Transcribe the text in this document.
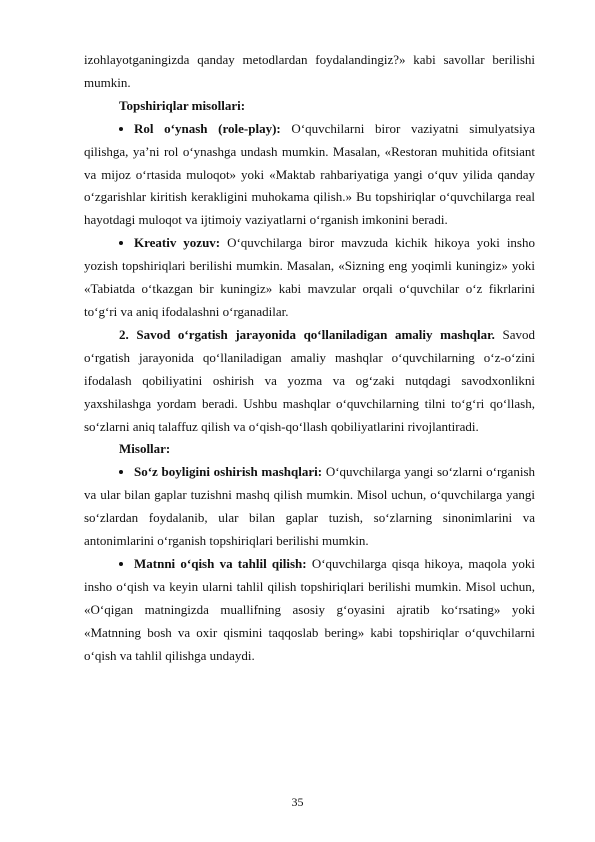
izohlayotganingizda qanday metodlardan foydalandingiz?» kabi savollar berilishi mumkin.

Topshiriqlar misollari:

Rol o‘ynash (role-play): O‘quvchilarni biror vaziyatni simulyatsiya qilishga, ya’ni rol o‘ynashga undash mumkin. Masalan, «Restoran muhitida ofitsiant va mijoz o‘rtasida muloqot» yoki «Maktab rahbariyatiga yangi o‘quv yilida qanday o‘zgarishlar kiritish kerakligini muhokama qilish.» Bu topshiriqlar o‘quvchilarga real hayotdagi muloqot va ijtimoiy vaziyatlarni o‘rganish imkonini beradi.

Kreativ yozuv: O‘quvchilarga biror mavzuda kichik hikoya yoki insho yozish topshiriqlari berilishi mumkin. Masalan, «Sizning eng yoqimli kuningiz» yoki «Tabiatda o‘tkazgan bir kuningiz» kabi mavzular orqali o‘quvchilar o‘z fikrlarini to‘g‘ri va aniq ifodalashni o‘rganadilar.

2. Savod o‘rgatish jarayonida qo‘llaniladigan amaliy mashqlar. Savod o‘rgatish jarayonida qo‘llaniladigan amaliy mashqlar o‘quvchilarning o‘z-o‘zini ifodalash qobiliyatini oshirish va yozma va og‘zaki nutqdagi savodxonlikni yaxshilashga yordam beradi. Ushbu mashqlar o‘quvchilarning tilni to‘g‘ri qo‘llash, so‘zlarni aniq talaffuz qilish va o‘qish-qo‘llash qobiliyatlarini rivojlantiradi.

Misollar:

So‘z boyligini oshirish mashqlari: O‘quvchilarga yangi so‘zlarni o‘rganish va ular bilan gaplar tuzishni mashq qilish mumkin. Misol uchun, o‘quvchilarga yangi so‘zlardan foydalanib, ular bilan gaplar tuzish, so‘zlarning sinonimlarini va antonimlarini o‘rganish topshiriqlari berilishi mumkin.

Matnni o‘qish va tahlil qilish: O‘quvchilarga qisqa hikoya, maqola yoki insho o‘qish va keyin ularni tahlil qilish topshiriqlari berilishi mumkin. Misol uchun, «O‘qigan matningizda muallifning asosiy g‘oyasini ajratib ko‘rsating» yoki «Matnning bosh va oxir qismini taqqoslab bering» kabi topshiriqlar o‘quvchilarni o‘qish va tahlil qilishga undaydi.

35
